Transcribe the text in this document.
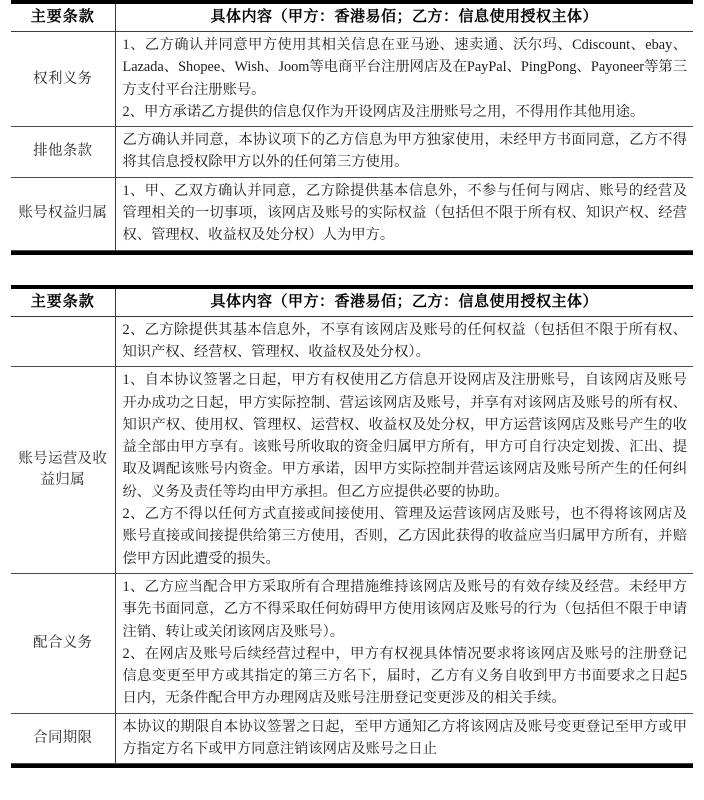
主要条款	具体内容（甲方：香港易佰；乙方：信息使用授权主体）
权利义务	1、乙方确认并同意甲方使用其相关信息在亚马逊、速卖通、沃尔玛、Cdiscount、ebay、Lazada、Shopee、Wish、Joom等电商平台注册网店及在PayPal、PingPong、Payoneer等第三方支付平台注册账号。

2、甲方承诺乙方提供的信息仅作为开设网店及注册账号之用，不得用作其他用途。

排他条款	乙方确认并同意，本协议项下的乙方信息为甲方独家使用，未经甲方书面同意，乙方不得将其信息授权除甲方以外的任何第三方使用。

账号权益归属	1、甲、乙双方确认并同意，乙方除提供基本信息外，不参与任何与网店、账号的经营及管理相关的一切事项，该网店及账号的实际权益（包括但不限于所有权、知识产权、经营权、管理权、收益权及处分权）人为甲方。

主要条款	具体内容（甲方：香港易佰；乙方：信息使用授权主体）

	2、乙方除提供其基本信息外，不享有该网店及账号的任何权益（包括但不限于所有权、知识产权、经营权、管理权、收益权及处分权）。

账号运营及收益归属	1、自本协议签署之日起，甲方有权使用乙方信息开设网店及注册账号，自该网店及账号开办成功之日起，甲方实际控制、营运该网店及账号，并享有对该网店及账号的所有权、知识产权、使用权、管理权、运营权、收益权及处分权，甲方运营该网店及账号产生的收益全部由甲方享有。该账号所收取的资金归属甲方所有，甲方可自行决定划拨、汇出、提取及调配该账号内资金。甲方承诺，因甲方实际控制并营运该网店及账号所产生的任何纠纷、义务及责任等均由甲方承担。但乙方应提供必要的协助。

2、乙方不得以任何方式直接或间接使用、管理及运营该网店及账号，也不得将该网店及账号直接或间接提供给第三方使用，否则，乙方因此获得的收益应当归属甲方所有，并赔偿甲方因此遭受的损失。

配合义务	1、乙方应当配合甲方采取所有合理措施维持该网店及账号的有效存续及经营。未经甲方事先书面同意，乙方不得采取任何妨碍甲方使用该网店及账号的行为（包括但不限于申请注销、转让或关闭该网店及账号）。

2、在网店及账号后续经营过程中，甲方有权视具体情况要求将该网店及账号的注册登记信息变更至甲方或其指定的第三方名下，届时，乙方有义务自收到甲方书面要求之日起5日内，无条件配合甲方办理网店及账号注册登记变更涉及的相关手续。

合同期限	本协议的期限自本协议签署之日起，至甲方通知乙方将该网店及账号变更登记至甲方或甲方指定方名下或甲方同意注销该网店及账号之日止
